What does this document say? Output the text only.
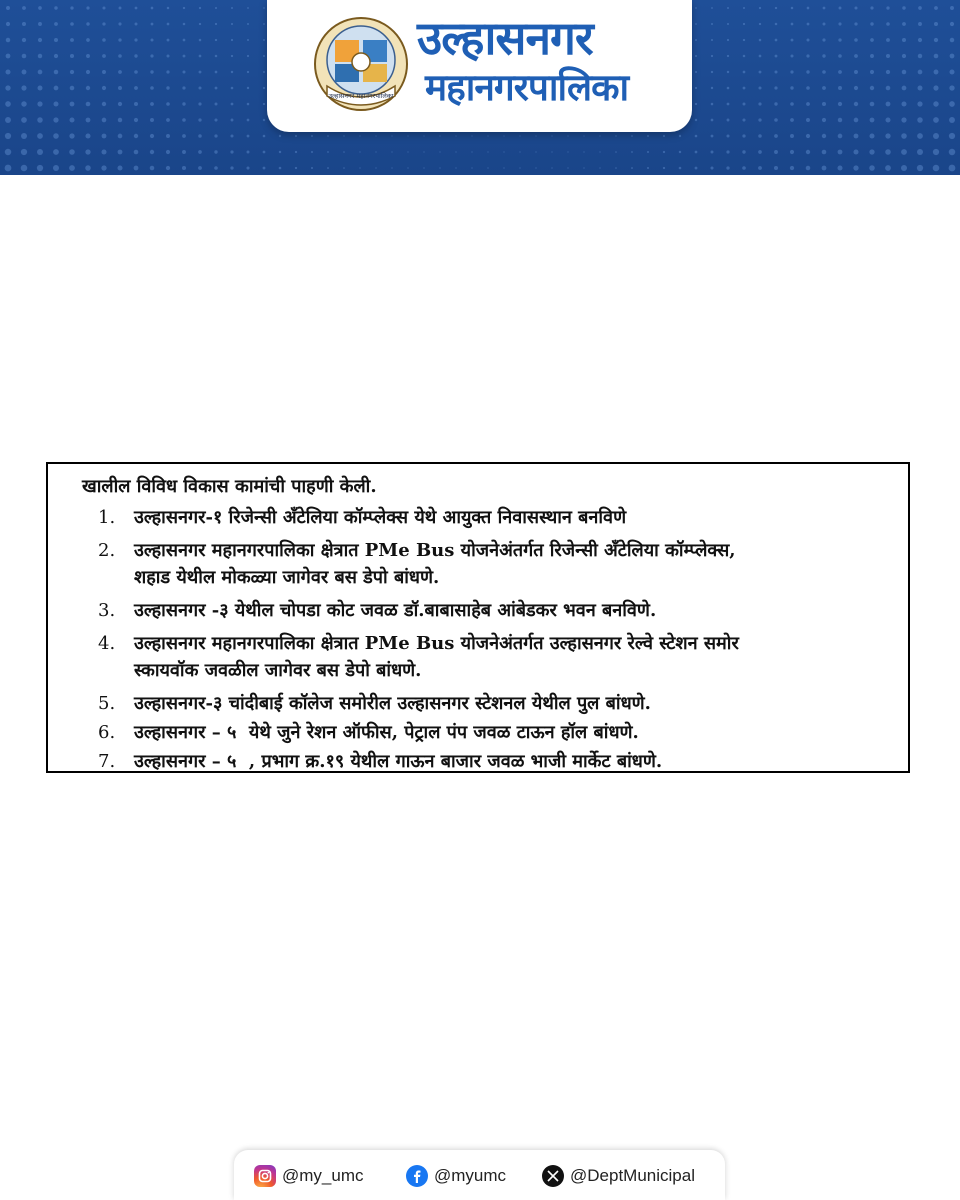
उल्हासनगर महानगरपालिका
उल्हासनगर
महानगरपालिका
खालील विविध विकास कामांची पाहणी केली.
1.	उल्हासनगर-१ रिजेन्सी अँटेलिया कॉम्प्लेक्स येथे आयुक्त निवासस्थान बनविणे
2.	उल्हासनगर महानगरपालिका क्षेत्रात PMe Bus योजनेअंतर्गत रिजेन्सी अँटेलिया कॉम्प्लेक्स,
शहाड येथील मोकळ्या जागेवर बस डेपो बांधणे.
3.	उल्हासनगर -३ येथील चोपडा कोट जवळ डॉ.बाबासाहेब आंबेडकर भवन बनविणे.
4.	उल्हासनगर महानगरपालिका क्षेत्रात PMe Bus योजनेअंतर्गत उल्हासनगर रेल्वे स्टेशन समोर
स्कायवॉक जवळील जागेवर बस डेपो बांधणे.
5.	उल्हासनगर-३ चांदीबाई कॉलेज समोरील उल्हासनगर स्टेशनल येथील पुल बांधणे.
6.	उल्हासनगर – ५  येथे जुने रेशन ऑफीस, पेट्राल पंप जवळ टाऊन हॉल बांधणे.
7.	उल्हासनगर – ५  , प्रभाग क्र.१९ येथील गाऊन बाजार जवळ भाजी मार्केट बांधणे.
@my_umc	@myumc	@DeptMunicipal
